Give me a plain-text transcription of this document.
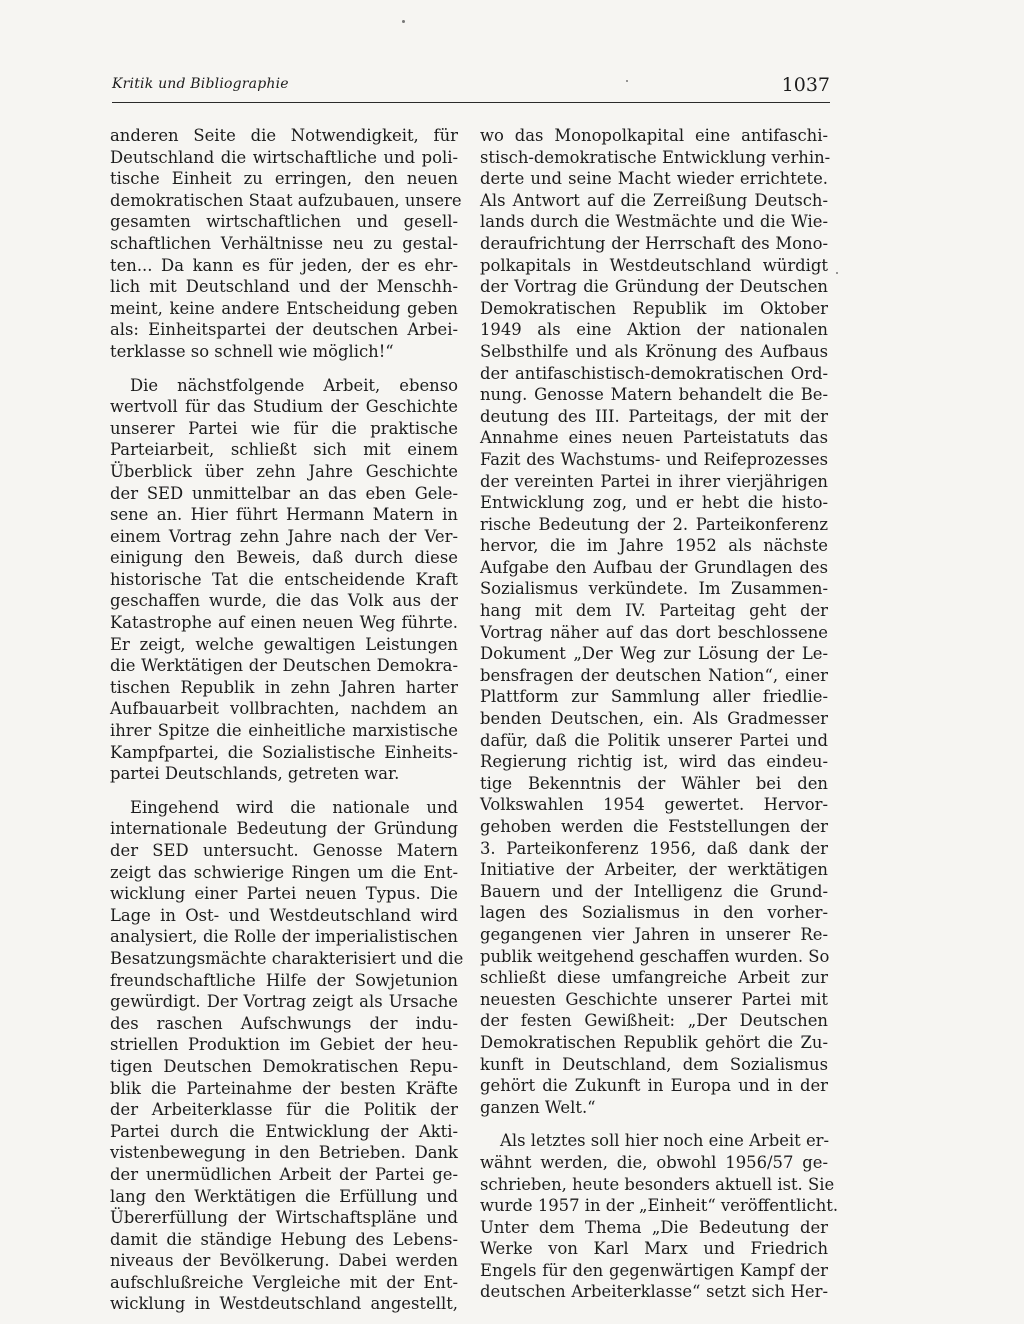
Kritik und Bibliographie	1037
anderen Seite die Notwendigkeit, für
Deutschland die wirtschaftliche und poli-
tische Einheit zu erringen, den neuen
demokratischen Staat aufzubauen, unsere
gesamten wirtschaftlichen und gesell-
schaftlichen Verhältnisse neu zu gestal-
ten... Da kann es für jeden, der es ehr-
lich mit Deutschland und der Menschh-
meint, keine andere Entscheidung geben
als: Einheitspartei der deutschen Arbei-
terklasse so schnell wie möglich!“
Die nächstfolgende Arbeit, ebenso
wertvoll für das Studium der Geschichte
unserer Partei wie für die praktische
Parteiarbeit, schließt sich mit einem
Überblick über zehn Jahre Geschichte
der SED unmittelbar an das eben Gele-
sene an. Hier führt Hermann Matern in
einem Vortrag zehn Jahre nach der Ver-
einigung den Beweis, daß durch diese
historische Tat die entscheidende Kraft
geschaffen wurde, die das Volk aus der
Katastrophe auf einen neuen Weg führte.
Er zeigt, welche gewaltigen Leistungen
die Werktätigen der Deutschen Demokra-
tischen Republik in zehn Jahren harter
Aufbauarbeit vollbrachten, nachdem an
ihrer Spitze die einheitliche marxistische
Kampfpartei, die Sozialistische Einheits-
partei Deutschlands, getreten war.
Eingehend wird die nationale und
internationale Bedeutung der Gründung
der SED untersucht. Genosse Matern
zeigt das schwierige Ringen um die Ent-
wicklung einer Partei neuen Typus. Die
Lage in Ost- und Westdeutschland wird
analysiert, die Rolle der imperialistischen
Besatzungsmächte charakterisiert und die
freundschaftliche Hilfe der Sowjetunion
gewürdigt. Der Vortrag zeigt als Ursache
des raschen Aufschwungs der indu-
striellen Produktion im Gebiet der heu-
tigen Deutschen Demokratischen Repu-
blik die Parteinahme der besten Kräfte
der Arbeiterklasse für die Politik der
Partei durch die Entwicklung der Akti-
vistenbewegung in den Betrieben. Dank
der unermüdlichen Arbeit der Partei ge-
lang den Werktätigen die Erfüllung und
Übererfüllung der Wirtschaftspläne und
damit die ständige Hebung des Lebens-
niveaus der Bevölkerung. Dabei werden
aufschlußreiche Vergleiche mit der Ent-
wicklung in Westdeutschland angestellt,
wo das Monopolkapital eine antifaschi-
stisch-demokratische Entwicklung verhin-
derte und seine Macht wieder errichtete.
Als Antwort auf die Zerreißung Deutsch-
lands durch die Westmächte und die Wie-
deraufrichtung der Herrschaft des Mono-
polkapitals in Westdeutschland würdigt
der Vortrag die Gründung der Deutschen
Demokratischen Republik im Oktober
1949 als eine Aktion der nationalen
Selbsthilfe und als Krönung des Aufbaus
der antifaschistisch-demokratischen Ord-
nung. Genosse Matern behandelt die Be-
deutung des III. Parteitags, der mit der
Annahme eines neuen Parteistatuts das
Fazit des Wachstums- und Reifeprozesses
der vereinten Partei in ihrer vierjährigen
Entwicklung zog, und er hebt die histo-
rische Bedeutung der 2. Parteikonferenz
hervor, die im Jahre 1952 als nächste
Aufgabe den Aufbau der Grundlagen des
Sozialismus verkündete. Im Zusammen-
hang mit dem IV. Parteitag geht der
Vortrag näher auf das dort beschlossene
Dokument „Der Weg zur Lösung der Le-
bensfragen der deutschen Nation“, einer
Plattform zur Sammlung aller friedlie-
benden Deutschen, ein. Als Gradmesser
dafür, daß die Politik unserer Partei und
Regierung richtig ist, wird das eindeu-
tige Bekenntnis der Wähler bei den
Volkswahlen 1954 gewertet. Hervor-
gehoben werden die Feststellungen der
3. Parteikonferenz 1956, daß dank der
Initiative der Arbeiter, der werktätigen
Bauern und der Intelligenz die Grund-
lagen des Sozialismus in den vorher-
gegangenen vier Jahren in unserer Re-
publik weitgehend geschaffen wurden. So
schließt diese umfangreiche Arbeit zur
neuesten Geschichte unserer Partei mit
der festen Gewißheit: „Der Deutschen
Demokratischen Republik gehört die Zu-
kunft in Deutschland, dem Sozialismus
gehört die Zukunft in Europa und in der
ganzen Welt.“
Als letztes soll hier noch eine Arbeit er-
wähnt werden, die, obwohl 1956/57 ge-
schrieben, heute besonders aktuell ist. Sie
wurde 1957 in der „Einheit“ veröffentlicht.
Unter dem Thema „Die Bedeutung der
Werke von Karl Marx und Friedrich
Engels für den gegenwärtigen Kampf der
deutschen Arbeiterklasse“ setzt sich Her-
